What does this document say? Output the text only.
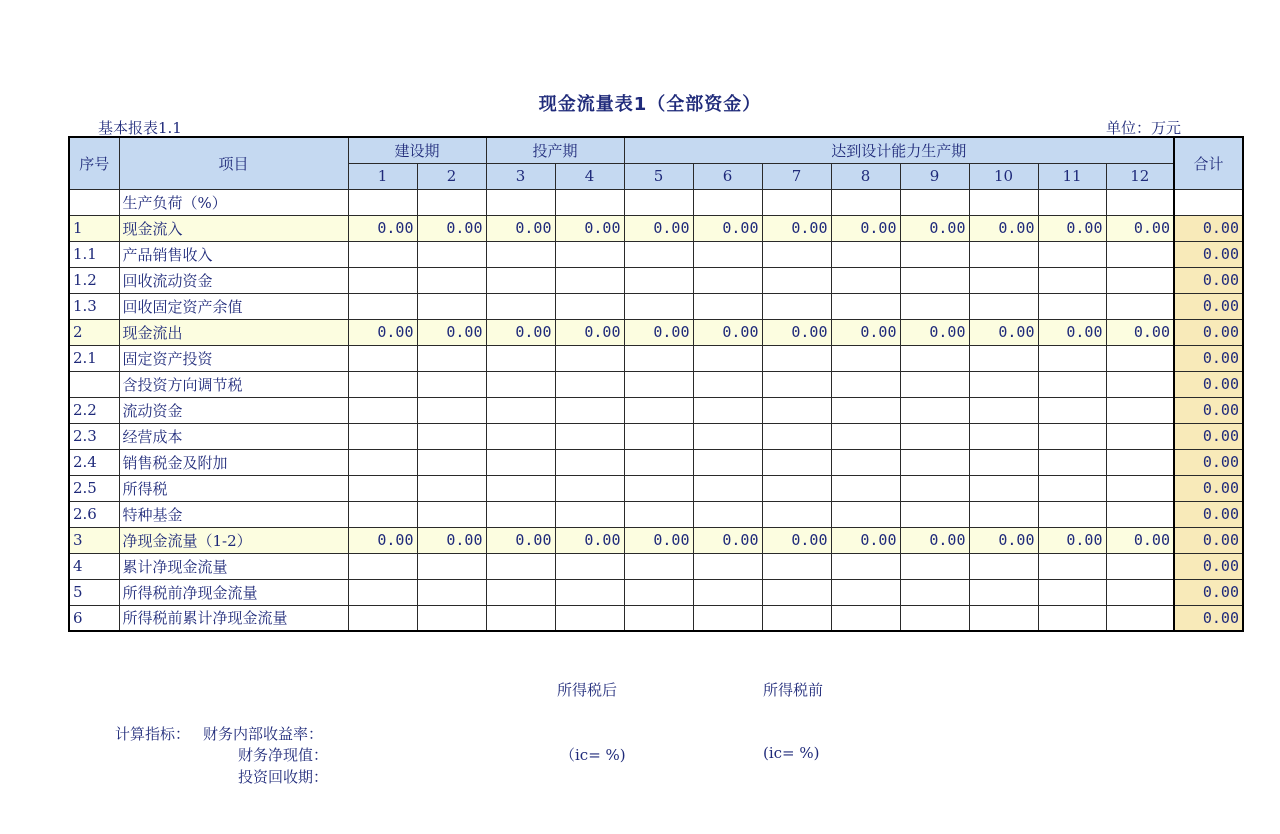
现金流量表1（全部资金）
基本报表1.1	单位：万元
序号	项目	建设期		投产期		达到设计能力生产期								合计
		1	2	3	4	5	6	7	8	9	10	11	12	
	生产负荷（%）													
1	现金流入	0.00	0.00	0.00	0.00	0.00	0.00	0.00	0.00	0.00	0.00	0.00	0.00	0.00
1.1	产品销售收入													0.00
1.2	回收流动资金													0.00
1.3	回收固定资产余值													0.00
2	现金流出	0.00	0.00	0.00	0.00	0.00	0.00	0.00	0.00	0.00	0.00	0.00	0.00	0.00
2.1	固定资产投资													0.00
	含投资方向调节税													0.00
2.2	流动资金													0.00
2.3	经营成本													0.00
2.4	销售税金及附加													0.00
2.5	所得税													0.00
2.6	特种基金													0.00
3	净现金流量（1-2）	0.00	0.00	0.00	0.00	0.00	0.00	0.00	0.00	0.00	0.00	0.00	0.00	0.00
4	累计净现金流量													0.00
5	所得税前净现金流量													0.00
6	所得税前累计净现金流量													0.00
所得税后	所得税前
计算指标： 财务内部收益率：
财务净现值：
投资回收期：
（ic= %)	(ic= %)
